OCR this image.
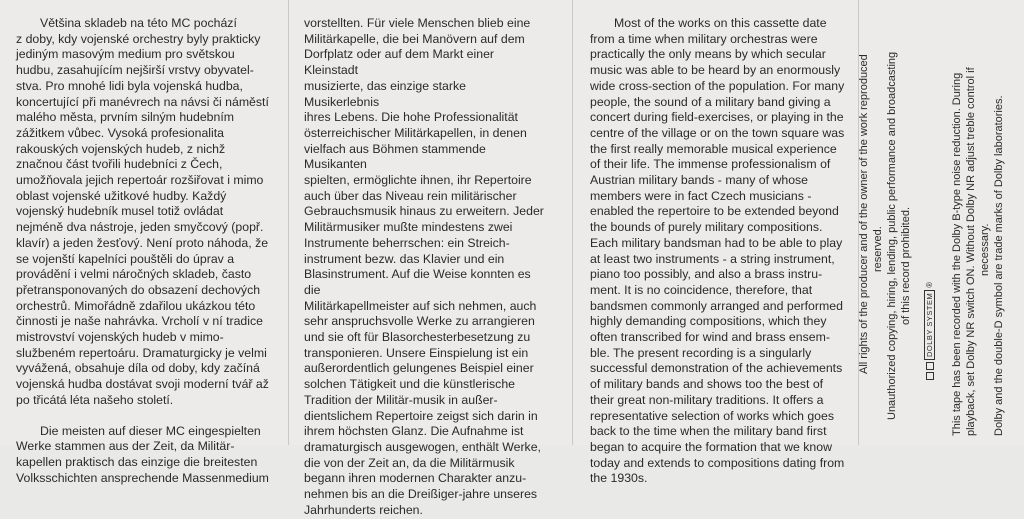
Většina skladeb na této MC pochází

z doby, kdy vojenské orchestry byly prakticky

jediným masovým medium pro světskou

hudbu, zasahujícím nejširší vrstvy obyvatel-

stva. Pro mnohé lidi byla vojenská hudba,

koncertující při manévrech na návsi či náměstí

malého města, prvním silným hudebním

zážitkem vůbec. Vysoká profesionalita

rakouských vojenských hudeb, z nichž

značnou část tvořili hudebníci z Čech,

umožňovala jejich repertoár rozšiřovat i mimo

oblast vojenské užitkové hudby. Každý

vojenský hudebník musel totiž ovládat

nejméně dva nástroje, jeden smyčcový (popř.

klavír) a jeden žesťový. Není proto náhoda, že

se vojenští kapelníci pouštěli do úprav a

provádění i velmi náročných skladeb, často

přetransponovaných do obsazení dechových

orchestrů. Mimořádně zdařilou ukázkou této

činnosti je naše nahrávka. Vrcholí v ní tradice

mistrovství vojenských hudeb v mimo-

službeném repertoáru. Dramaturgicky je velmi

vyvážená, obsahuje díla od doby, kdy začíná

vojenská hudba dostávat svoji moderní tvář až

po třicátá léta našeho století.

Die meisten auf dieser MC eingespielten

Werke stammen aus der Zeit, da Militär-

kapellen praktisch das einzige die breitesten

Volksschichten ansprechende Massenmedium

vorstellten. Für viele Menschen blieb eine

Militärkapelle, die bei Manövern auf dem

Dorfplatz oder auf dem Markt einer Kleinstadt

musizierte, das einzige starke Musikerlebnis

ihres Lebens. Die hohe Professionalität

österreichischer Militärkapellen, in denen

vielfach aus Böhmen stammende Musikanten

spielten, ermöglichte ihnen, ihr Repertoire

auch über das Niveau rein militärischer

Gebrauchsmusik hinaus zu erweitern. Jeder

Militärmusiker mußte mindestens zwei

Instrumente beherrschen: ein Streich-

instrument bezw. das Klavier und ein

Blasinstrument. Auf die Weise konnten es die

Militärkapellmeister auf sich nehmen, auch

sehr anspruchsvolle Werke zu arrangieren

und sie oft für Blasorchesterbesetzung zu

transponieren. Unsere Einspielung ist ein

außerordentlich gelungenes Beispiel einer

solchen Tätigkeit und die künstlerische

Tradition der Militär-musik in außer-

dientslichem Repertoire zeigst sich darin in

ihrem höchsten Glanz. Die Aufnahme ist

dramaturgisch ausgewogen, enthält Werke,

die von der Zeit an, da die Militärmusik

begann ihren modernen Charakter anzu-

nehmen bis an die Dreißiger-jahre unseres

Jahrhunderts reichen.

Most of the works on this cassette date

from a time when military orchestras were

practically the only means by which secular

music was able to be heard by an enormously

wide cross-section of the population. For many

people, the sound of a military band giving a

concert during field-exercises, or playing in the

centre of the village or on the town square was

the first really memorable musical experience

of their life. The immense professionalism of

Austrian military bands - many of whose

members were in fact Czech musicians -

enabled the repertoire to be extended beyond

the bounds of purely military compositions.

Each military bandsman had to be able to play

at least two instruments - a string instrument,

piano too possibly, and also a brass instru-

ment. It is no coincidence, therefore, that

bandsmen commonly arranged and performed

highly demanding compositions, which they

often transcribed for wind and brass ensem-

ble. The present recording is a singularly

successful demonstration of the achievements

of military bands and shows too the best of

their great non-military traditions. It offers a

representative selection of works which goes

back to the time when the military band first

began to acquire the formation that we know

today and extends to compositions dating from

the 1930s.

All rights of the producer and of the owner of the work reproduced reserved. Unauthorized copying, hiring, lending, public performance and broadcasting of this record prohibited. DOLBY SYSTEM
® This tape has been recorded with the Dolby B-type noise reduction. During playback, set Dolby NR switch ON. Without Dolby NR adjust treble control if necessary. Dolby and the double-D symbol are trade marks of Dolby laboratories.
